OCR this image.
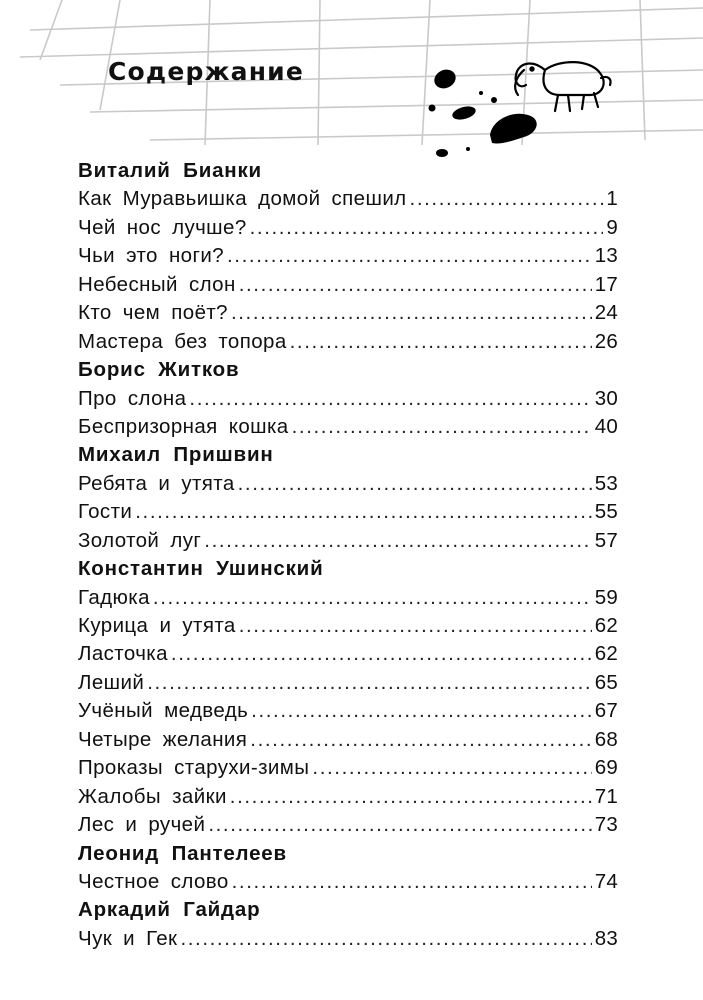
Содержание
Виталий Бианки
Как Муравьишка домой спешил .....	1
Чей нос лучше? .....	9
Чьи это ноги? .....	13
Небесный слон .....	17
Кто чем поёт? .....	24
Мастера без топора .....	26
Борис Житков
Про слона .....	30
Беспризорная кошка .....	40
Михаил Пришвин
Ребята и утята .....	53
Гости .....	55
Золотой луг .....	57
Константин Ушинский
Гадюка .....	59
Курица и утята .....	62
Ласточка .....	62
Леший .....	65
Учёный медведь .....	67
Четыре желания .....	68
Проказы старухи-зимы .....	69
Жалобы зайки .....	71
Лес и ручей .....	73
Леонид Пантелеев
Честное слово .....	74
Аркадий Гайдар
Чук и Гек .....	83
